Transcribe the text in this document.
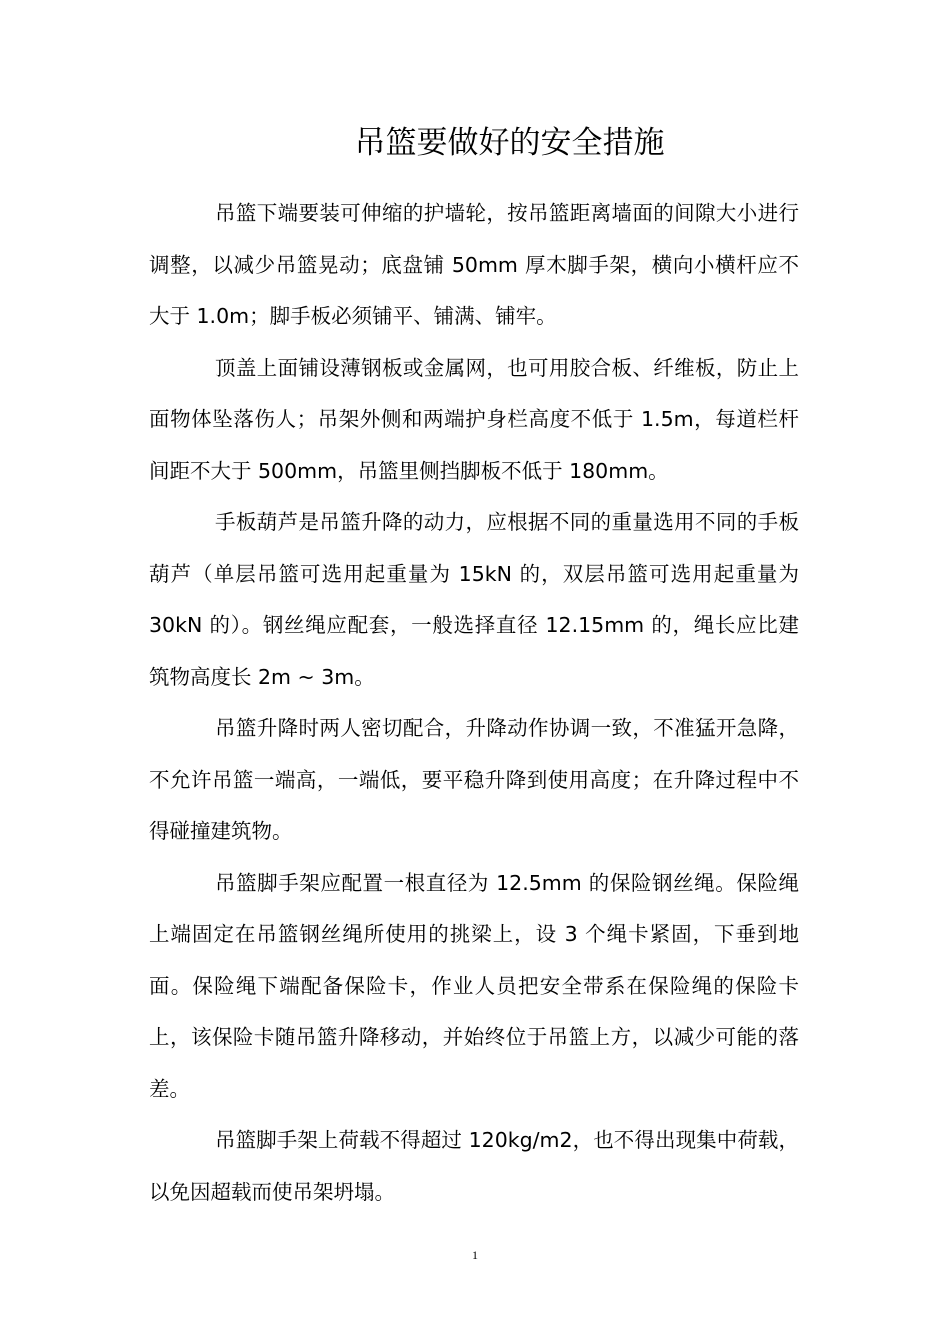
吊篮要做好的安全措施

吊篮下端要装可伸缩的护墙轮，按吊篮距离墙面的间隙大小进行调整，以减少吊篮晃动；底盘铺 50mm 厚木脚手架，横向小横杆应不大于 1.0m；脚手板必须铺平、铺满、铺牢。

顶盖上面铺设薄钢板或金属网，也可用胶合板、纤维板，防止上面物体坠落伤人；吊架外侧和两端护身栏高度不低于 1.5m，每道栏杆间距不大于 500mm，吊篮里侧挡脚板不低于 180mm。

手板葫芦是吊篮升降的动力，应根据不同的重量选用不同的手板葫芦（单层吊篮可选用起重量为 15kN 的，双层吊篮可选用起重量为 30kN 的）。钢丝绳应配套，一般选择直径 12.15mm 的，绳长应比建筑物高度长 2m ~ 3m。

吊篮升降时两人密切配合，升降动作协调一致，不准猛开急降，不允许吊篮一端高，一端低，要平稳升降到使用高度；在升降过程中不得碰撞建筑物。

吊篮脚手架应配置一根直径为 12.5mm 的保险钢丝绳。保险绳上端固定在吊篮钢丝绳所使用的挑梁上，设 3 个绳卡紧固，下垂到地面。保险绳下端配备保险卡，作业人员把安全带系在保险绳的保险卡上，该保险卡随吊篮升降移动，并始终位于吊篮上方，以减少可能的落差。

吊篮脚手架上荷载不得超过 120kg/m2，也不得出现集中荷载，以免因超载而使吊架坍塌。

1
